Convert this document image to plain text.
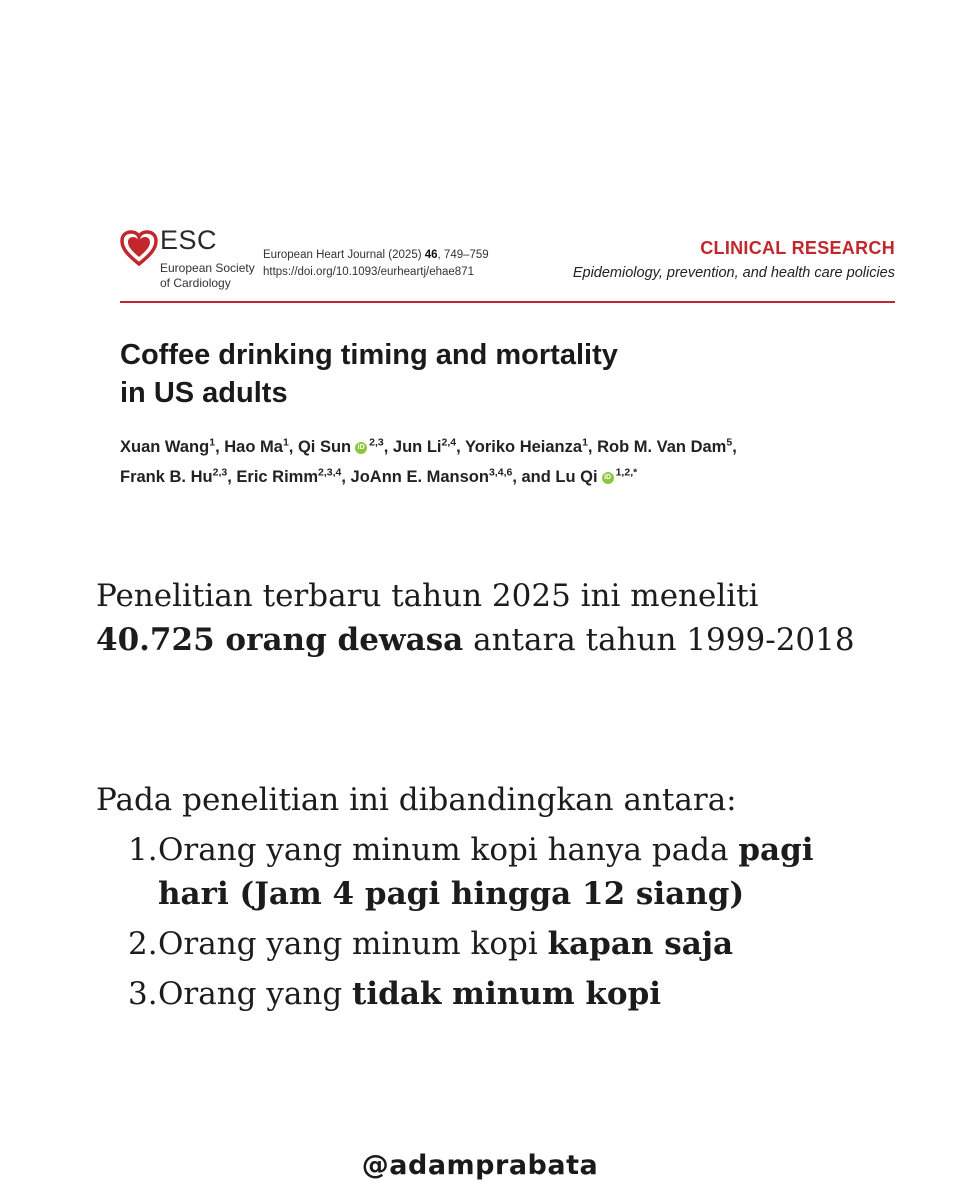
ESC
European Society
of Cardiology
European Heart Journal (2025) 46, 749–759
https://doi.org/10.1093/eurheartj/ehae871
CLINICAL RESEARCH
Epidemiology, prevention, and health care policies
Coffee drinking timing and mortality
in US adults
Xuan Wang$^1$, Hao Ma$^1$, Qi Sun iD $^{2,3}$, Jun Li$^{2,4}$, Yoriko Heianza$^1$, Rob M. Van Dam$^5$,
Frank B. Hu$^{2,3}$, Eric Rimm$^{2,3,4}$, JoAnn E. Manson$^{3,4,6}$, and Lu Qi iD $^{1,2,*}$
Penelitian terbaru tahun 2025 ini meneliti
40.725 orang dewasa antara tahun 1999-2018
Pada penelitian ini dibandingkan antara:
1. Orang yang minum kopi hanya pada pagi hari (Jam 4 pagi hingga 12 siang)
2. Orang yang minum kopi kapan saja
3. Orang yang tidak minum kopi
@adamprabata
